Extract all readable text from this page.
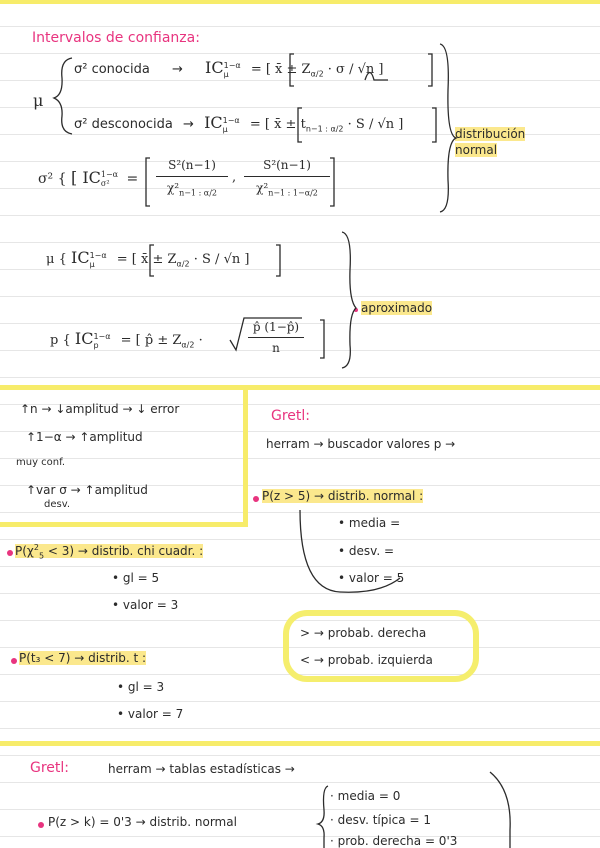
Intervalos de confianza:
μ
σ² conocida → IC1−α
μ = [ x̄ ± $Z_{\alpha/2} \cdot \sigma / √n$ ]
σ² desconocida → IC1−α
μ = [ x̄ ± $t_{n-1 : \alpha/2} \cdot S / √n$ ]
distribución normal
σ² { [ IC1−α
$\sigma^2 = \frac{\text{S²(n−1)}}{\chi^2_{n-1 : \alpha/2}}$ , $\frac{\text{S²(n−1)}}{\chi^2_{n-1 : 1-\alpha/2}}$
μ { IC1−α
μ = [ x̄ ± $Z_{\alpha/2} \cdot S / √n$ ]
p { IC1−α
p = [ p̂ ± $Z_{\alpha/2}$ ·	$\frac{p̂ (1-p̂)}{n}$
aproximado
↑n → ↓amplitud → ↓ error
↑1−α → ↑amplitud
muy conf.
↑var σ → ↑amplitud
desv.
Gretl:
herram → buscador valores p →
P(z > 5) → distrib. normal :
• media =
• desv. =
• valor = 5
$P(\chi^2_5 < 3)$ → distrib. chi cuadr. :
• gl = 5
• valor = 3
P(t₃ < 7) → distrib. t :
• gl = 3
• valor = 7
> → probab. derecha
< → probab. izquierda
Gretl:	herram → tablas estadísticas →
P(z > k) = 0'3 → distrib. normal
· media = 0
· desv. típica = 1
· prob. derecha = 0'3
